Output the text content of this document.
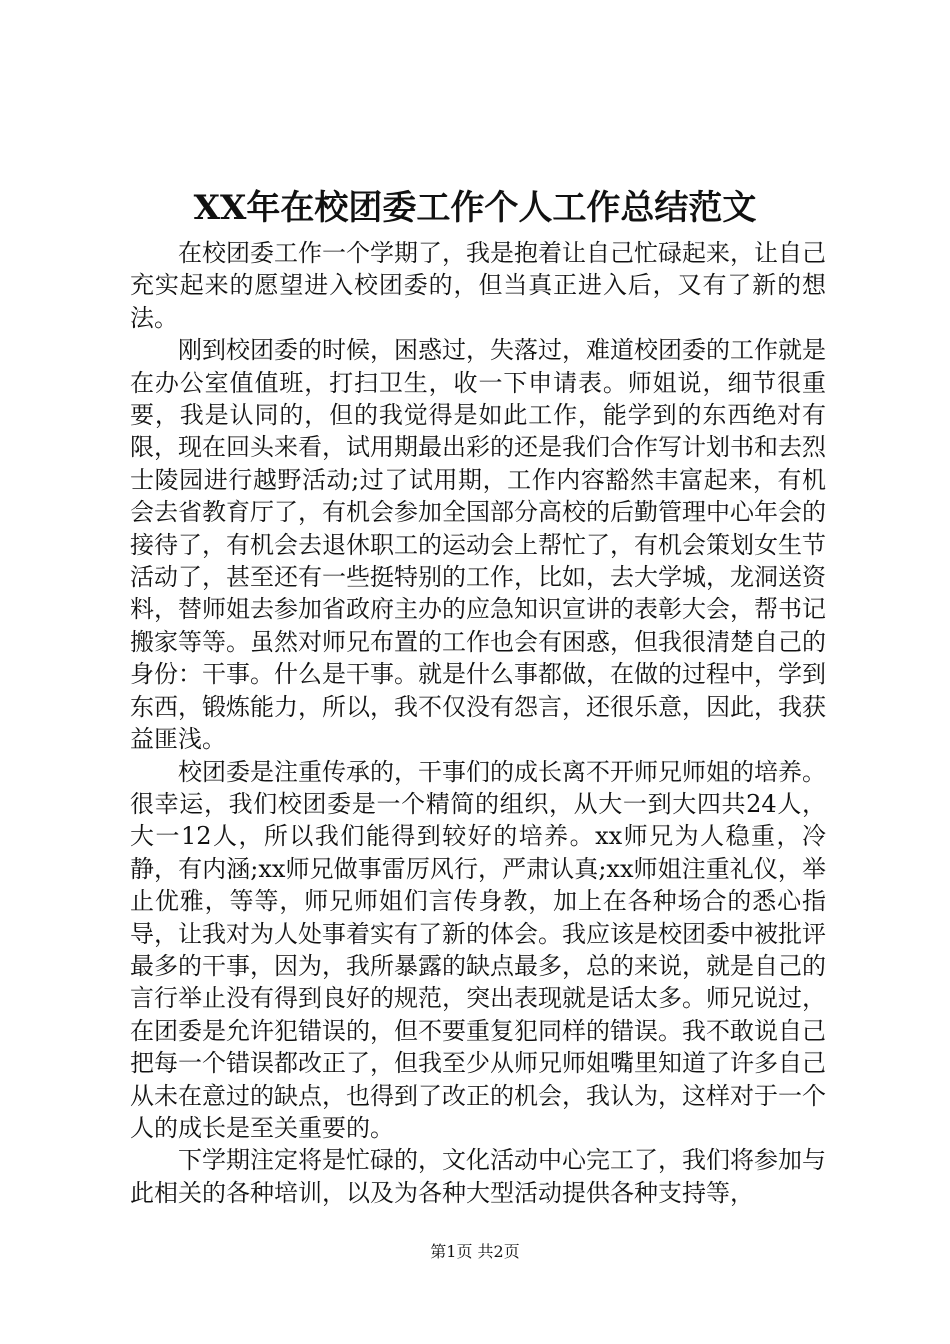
XX年在校团委工作个人工作总结范文

在校团委工作一个学期了，我是抱着让自己忙碌起来，让自己充实起来的愿望进入校团委的，但当真正进入后，又有了新的想法。

刚到校团委的时候，困惑过，失落过，难道校团委的工作就是在办公室值值班，打扫卫生，收一下申请表。师姐说，细节很重要，我是认同的，但的我觉得是如此工作，能学到的东西绝对有限，现在回头来看，试用期最出彩的还是我们合作写计划书和去烈士陵园进行越野活动;过了试用期，工作内容豁然丰富起来，有机会去省教育厅了，有机会参加全国部分高校的后勤管理中心年会的接待了，有机会去退休职工的运动会上帮忙了，有机会策划女生节活动了，甚至还有一些挺特别的工作，比如，去大学城，龙洞送资料，替师姐去参加省政府主办的应急知识宣讲的表彰大会，帮书记搬家等等。虽然对师兄布置的工作也会有困惑，但我很清楚自己的身份：干事。什么是干事。就是什么事都做，在做的过程中，学到东西，锻炼能力，所以，我不仅没有怨言，还很乐意，因此，我获益匪浅。

校团委是注重传承的，干事们的成长离不开师兄师姐的培养。很幸运，我们校团委是一个精简的组织，从大一到大四共24人，大一12人，所以我们能得到较好的培养。xx师兄为人稳重，冷静，有内涵;xx师兄做事雷厉风行，严肃认真;xx师姐注重礼仪，举止优雅，等等，师兄师姐们言传身教，加上在各种场合的悉心指导，让我对为人处事着实有了新的体会。我应该是校团委中被批评最多的干事，因为，我所暴露的缺点最多，总的来说，就是自己的言行举止没有得到良好的规范，突出表现就是话太多。师兄说过，在团委是允许犯错误的，但不要重复犯同样的错误。我不敢说自己把每一个错误都改正了，但我至少从师兄师姐嘴里知道了许多自己从未在意过的缺点，也得到了改正的机会，我认为，这样对于一个人的成长是至关重要的。

下学期注定将是忙碌的，文化活动中心完工了，我们将参加与此相关的各种培训，以及为各种大型活动提供各种支持等，

第1页 共2页
